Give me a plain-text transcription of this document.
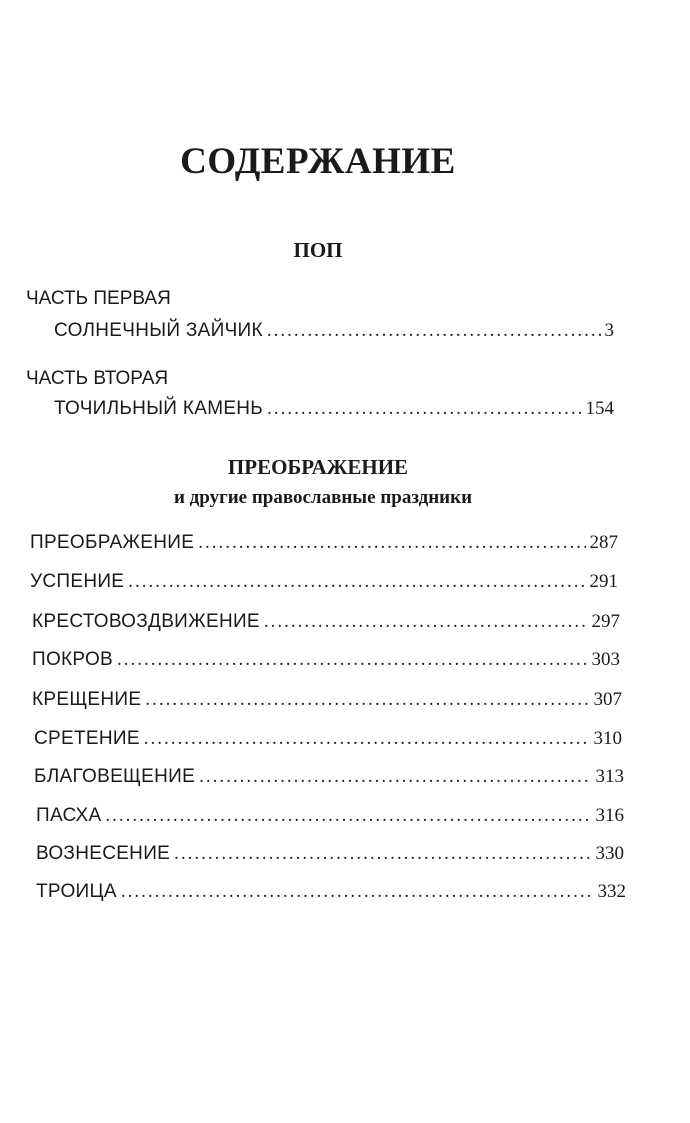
СОДЕРЖАНИЕ
ПОП
ЧАСТЬ ПЕРВАЯ
СОЛНЕЧНЫЙ ЗАЙЧИК .....	3
ЧАСТЬ ВТОРАЯ
ТОЧИЛЬНЫЙ КАМЕНЬ .....	154
ПРЕОБРАЖЕНИЕ
и другие православные праздники
ПРЕОБРАЖЕНИЕ .....	287
УСПЕНИЕ .....	291
КРЕСТОВОЗДВИЖЕНИЕ .....	297
ПОКРОВ .....	303
КРЕЩЕНИЕ .....	307
СРЕТЕНИЕ .....	310
БЛАГОВЕЩЕНИЕ .....	313
ПАСХА .....	316
ВОЗНЕСЕНИЕ .....	330
ТРОИЦА .....	332
